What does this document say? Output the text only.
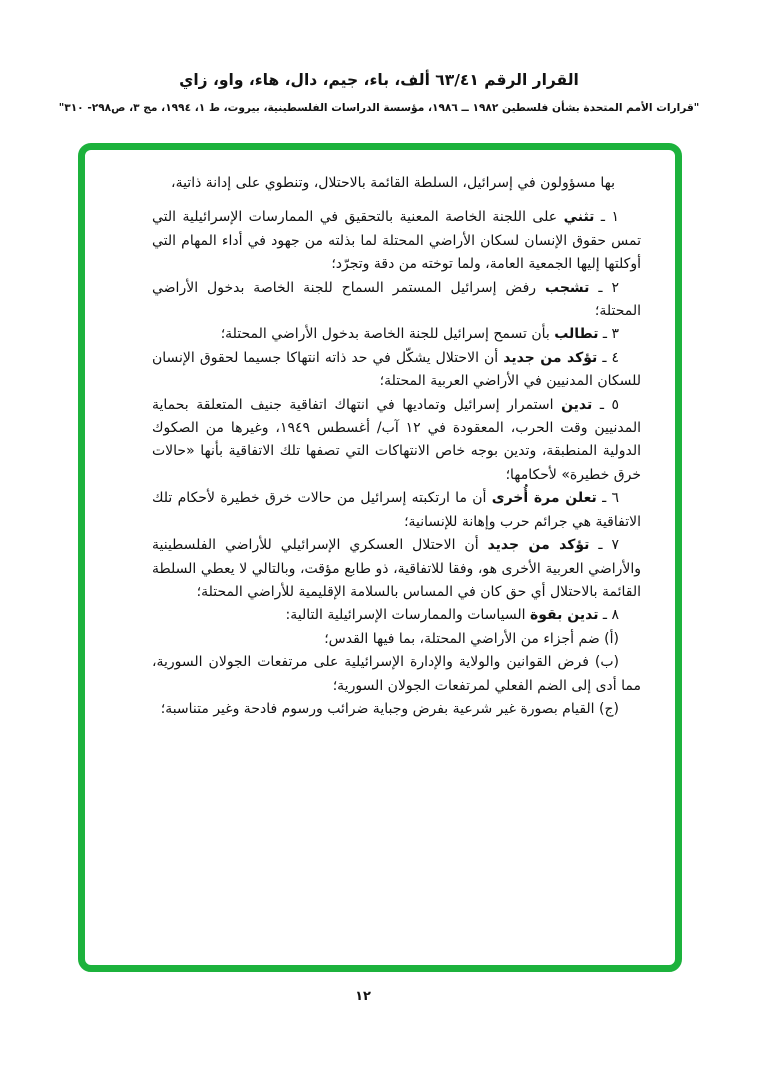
القرار الرقم ٦٣/٤١ ألف، باء، جيم، دال، هاء، واو، زاي
"قرارات الأمم المتحدة بشأن فلسطين ١٩٨٢ ــ ١٩٨٦، مؤسسة الدراسات الفلسطينية، بيروت، ط ١، ١٩٩٤، مج ٣، ص٢٩٨- ٣١٠"

بها مسؤولون في إسرائيل، السلطة القائمة بالاحتلال، وتنطوي على إدانة ذاتية،

١ ـ تثني على اللجنة الخاصة المعنية بالتحقيق في الممارسات الإسرائيلية التي تمس حقوق الإنسان لسكان الأراضي المحتلة لما بذلته من جهود في أداء المهام التي أوكلتها إليها الجمعية العامة، ولما توخته من دقة وتجرّد؛

٢ ـ تشجب رفض إسرائيل المستمر السماح للجنة الخاصة بدخول الأراضي المحتلة؛

٣ ـ تطالب بأن تسمح إسرائيل للجنة الخاصة بدخول الأراضي المحتلة؛

٤ ـ تؤكد من جديد أن الاحتلال يشكّل في حد ذاته انتهاكا جسيما لحقوق الإنسان للسكان المدنيين في الأراضي العربية المحتلة؛

٥ ـ تدين استمرار إسرائيل وتماديها في انتهاك اتفاقية جنيف المتعلقة بحماية المدنيين وقت الحرب، المعقودة في ١٢ آب/ أغسطس ١٩٤٩، وغيرها من الصكوك الدولية المنطبقة، وتدين بوجه خاص الانتهاكات التي تصفها تلك الاتفاقية بأنها «حالات خرق خطيرة» لأحكامها؛

٦ ـ تعلن مرة أُخرى أن ما ارتكبته إسرائيل من حالات خرق خطيرة لأحكام تلك الاتفاقية هي جرائم حرب وإهانة للإنسانية؛

٧ ـ تؤكد من جديد أن الاحتلال العسكري الإسرائيلي للأراضي الفلسطينية والأراضي العربية الأخرى هو، وفقا للاتفاقية، ذو طابع مؤقت، وبالتالي لا يعطي السلطة القائمة بالاحتلال أي حق كان في المساس بالسلامة الإقليمية للأراضي المحتلة؛

٨ ـ تدين بقوة السياسات والممارسات الإسرائيلية التالية:

(أ) ضم أجزاء من الأراضي المحتلة، بما فيها القدس؛

(ب) فرض القوانين والولاية والإدارة الإسرائيلية على مرتفعات الجولان السورية، مما أدى إلى الضم الفعلي لمرتفعات الجولان السورية؛

(ج) القيام بصورة غير شرعية بفرض وجباية ضرائب ورسوم فادحة وغير متناسبة؛

١٢
